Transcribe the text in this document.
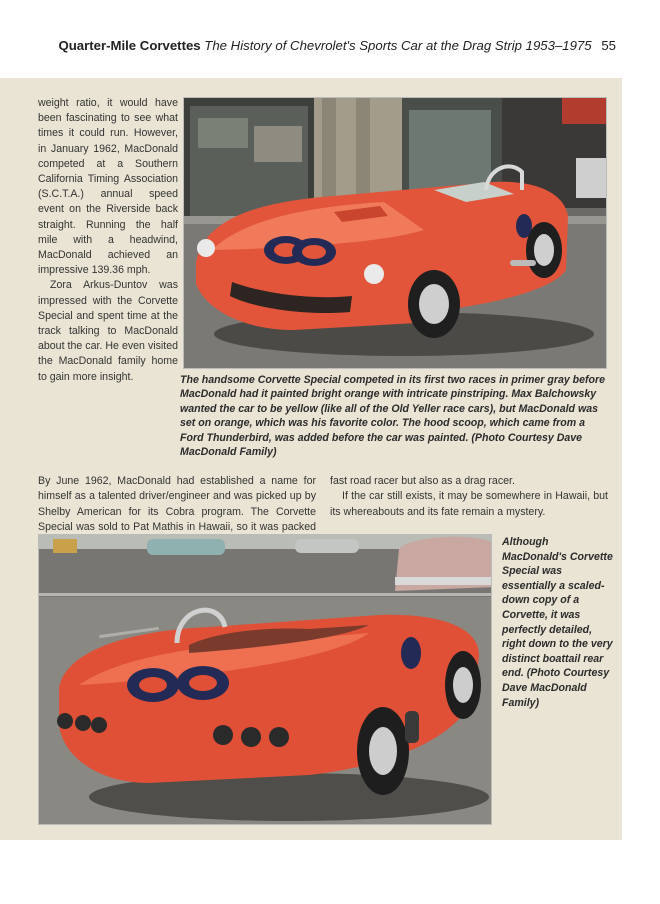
Quarter-Mile Corvettes The History of Chevrolet's Sports Car at the Drag Strip 1953–1975 55
The handsome Corvette Special competed in its first two races in primer gray before MacDonald had it painted bright orange with intricate pinstriping. Max Balchowsky wanted the car to be yellow (like all of the Old Yeller race cars), but MacDonald was set on orange, which was his favorite color. The hood scoop, which came from a Ford Thunderbird, was added before the car was painted. (Photo Courtesy Dave MacDonald Family)

weight ratio, it would have been fascinating to see what times it could run. However, in January 1962, MacDonald competed at a Southern California Timing Association (S.C.T.A.) annual speed event on the Riverside back straight. Running the half mile with a headwind, MacDonald achieved an impressive 139.36 mph.

Zora Arkus-Duntov was impressed with the Corvette Special and spent time at the track talking to MacDonald about the car. He even visited the MacDonald family home to gain more insight.

By June 1962, MacDonald had established a name for himself as a talented driver/engineer and was picked up by Shelby American for its Cobra program. The Corvette Special was sold to Pat Mathis in Hawaii, so it was packed

fast road racer but also as a drag racer.

If the car still exists, it may be somewhere in Hawaii, but its whereabouts and its fate remain a mystery.

Although MacDonald's Corvette Special was essentially a scaled-down copy of a Corvette, it was perfectly detailed, right down to the very distinct boattail rear end. (Photo Courtesy Dave MacDonald Family)
